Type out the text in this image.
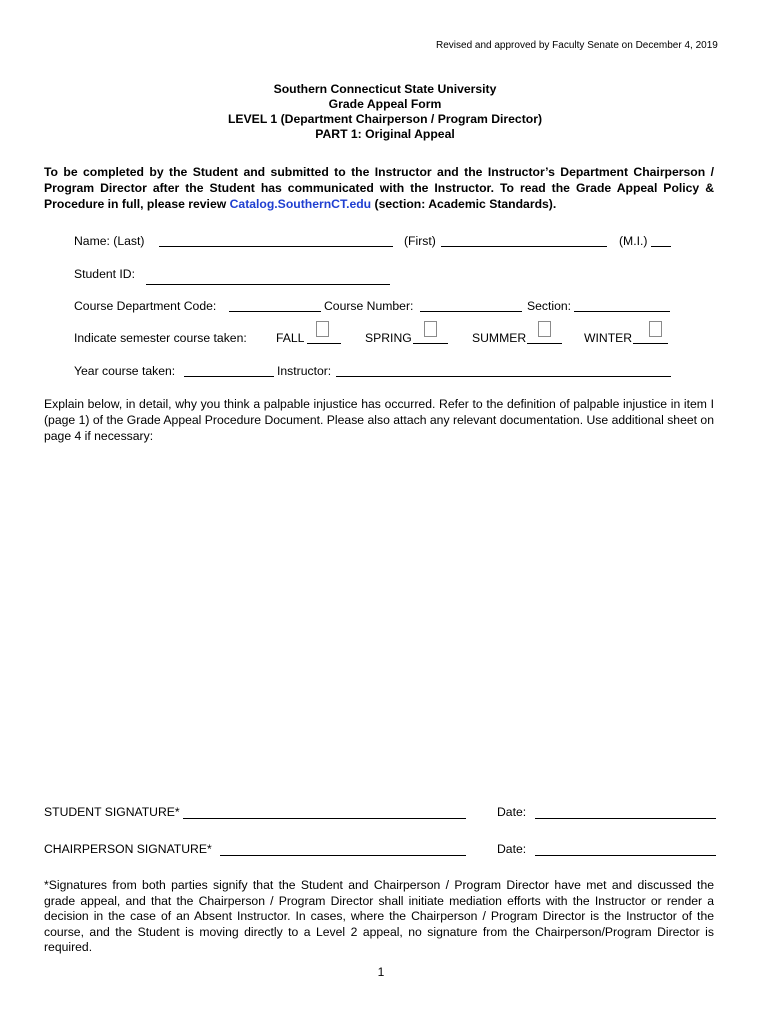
Revised and approved by Faculty Senate on December 4, 2019
Southern Connecticut State University
Grade Appeal Form
LEVEL 1 (Department Chairperson / Program Director)
PART 1: Original Appeal
To be completed by the Student and submitted to the Instructor and the Instructor’s Department Chairperson / Program Director after the Student has communicated with the Instructor. To read the Grade Appeal Policy & Procedure in full, please review Catalog.SouthernCT.edu (section: Academic Standards).
Name: (Last)	(First)	(M.I.)
Student ID:
Course Department Code:	Course Number:	Section:
Indicate semester course taken: FALL	SPRING	SUMMER	WINTER
Year course taken:	Instructor:
Explain below, in detail, why you think a palpable injustice has occurred. Refer to the definition of palpable injustice in item I (page 1) of the Grade Appeal Procedure Document. Please also attach any relevant documentation. Use additional sheet on page 4 if necessary:
STUDENT SIGNATURE*	Date:
CHAIRPERSON SIGNATURE*	Date:
*Signatures from both parties signify that the Student and Chairperson / Program Director have met and discussed the grade appeal, and that the Chairperson / Program Director shall initiate mediation efforts with the Instructor or render a decision in the case of an Absent Instructor. In cases, where the Chairperson / Program Director is the Instructor of the course, and the Student is moving directly to a Level 2 appeal, no signature from the Chairperson/Program Director is required.
1
